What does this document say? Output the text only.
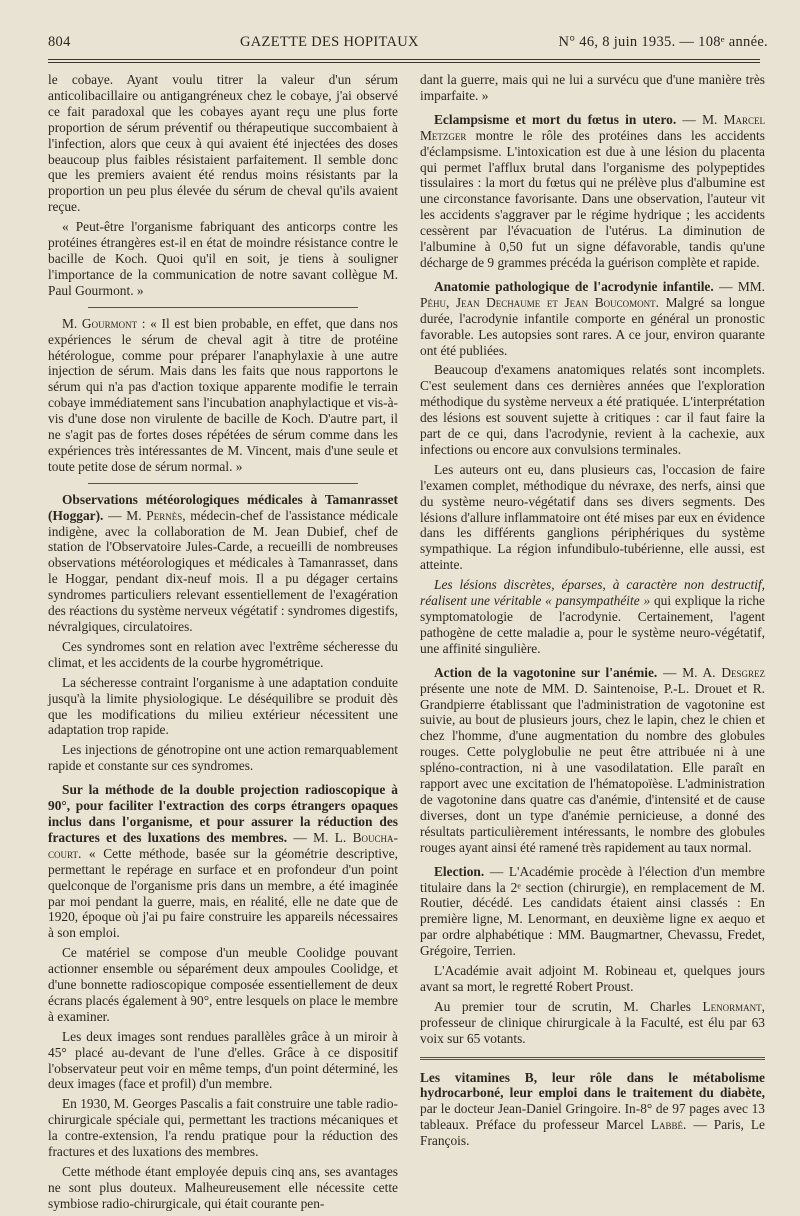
804	GAZETTE DES HOPITAUX	N° 46, 8 juin 1935. — 108ᵉ année.

le cobaye. Ayant voulu titrer la valeur d'un sérum anticolibacillaire ou antigangréneux chez le cobaye, j'ai observé ce fait paradoxal que les cobayes ayant reçu une plus forte proportion de sérum préventif ou thérapeutique succombaient à l'infection, alors que ceux à qui avaient été injectées des doses beaucoup plus faibles résistaient parfaitement. Il semble donc que les premiers avaient été rendus moins résistants par la proportion un peu plus élevée du sérum de cheval qu'ils avaient reçue.

« Peut-être l'organisme fabriquant des anticorps contre les protéines étrangères est-il en état de moindre résistance contre le bacille de Koch. Quoi qu'il en soit, je tiens à souligner l'importance de la communication de notre savant collègue M. Paul Gourmont. »

M. Gourmont : « Il est bien probable, en effet, que dans nos expériences le sérum de cheval agit à titre de protéine hétérologue, comme pour préparer l'anaphylaxie à une autre injection de sérum. Mais dans les faits que nous rapportons le sérum qui n'a pas d'action toxique apparente modifie le terrain cobaye immédiatement sans l'incubation anaphylactique et vis-à-vis d'une dose non virulente de bacille de Koch. D'autre part, il ne s'agit pas de fortes doses répétées de sérum comme dans les expériences très intéressantes de M. Vincent, mais d'une seule et toute petite dose de sérum normal. »

Observations météorologiques médicales à Tamanrasset (Hoggar). — M. Pernès, médecin-chef de l'assistance médicale indigène, avec la collaboration de M. Jean Dubief, chef de station de l'Observatoire Jules-Carde, a recueilli de nombreuses observations météorologiques et médicales à Tamanrasset, dans le Hoggar, pendant dix-neuf mois. Il a pu dégager certains syndromes particuliers relevant essentiellement de l'exagération des réactions du système nerveux végétatif : syndromes digestifs, névralgiques, circulatoires.

Ces syndromes sont en relation avec l'extrême sécheresse du climat, et les accidents de la courbe hygrométrique.

La sécheresse contraint l'organisme à une adaptation conduite jusqu'à la limite physiologique. Le déséquilibre se produit dès que les modifications du milieu extérieur nécessitent une adaptation trop rapide.

Les injections de génotropine ont une action remarquablement rapide et constante sur ces syndromes.

Sur la méthode de la double projection radioscopique à 90°, pour faciliter l'extraction des corps étrangers opaques inclus dans l'organisme, et pour assurer la réduction des fractures et des luxations des membres. — M. L. Boucha-court. « Cette méthode, basée sur la géométrie descriptive, permettant le repérage en surface et en profondeur d'un point quelconque de l'organisme pris dans un membre, a été imaginée par moi pendant la guerre, mais, en réalité, elle ne date que de 1920, époque où j'ai pu faire construire les appareils nécessaires à son emploi.

Ce matériel se compose d'un meuble Coolidge pouvant actionner ensemble ou séparément deux ampoules Coolidge, et d'une bonnette radioscopique composée essentiellement de deux écrans placés également à 90°, entre lesquels on place le membre à examiner.

Les deux images sont rendues parallèles grâce à un miroir à 45° placé au-devant de l'une d'elles. Grâce à ce dispositif l'observateur peut voir en même temps, d'un point déterminé, les deux images (face et profil) d'un membre.

En 1930, M. Georges Pascalis a fait construire une table radio-chirurgicale spéciale qui, permettant les tractions mécaniques et la contre-extension, l'a rendu pratique pour la réduction des fractures et des luxations des membres.

Cette méthode étant employée depuis cinq ans, ses avantages ne sont plus douteux. Malheureusement elle nécessite cette symbiose radio-chirurgicale, qui était courante pen-

dant la guerre, mais qui ne lui a survécu que d'une manière très imparfaite. »

Eclampsisme et mort du fœtus in utero. — M. Marcel Metzger montre le rôle des protéines dans les accidents d'éclampsisme. L'intoxication est due à une lésion du placenta qui permet l'afflux brutal dans l'organisme des polypeptides tissulaires : la mort du fœtus qui ne prélève plus d'albumine est une circonstance favorisante. Dans une observation, l'auteur vit les accidents s'aggraver par le régime hydrique ; les accidents cessèrent par l'évacuation de l'utérus. La diminution de l'albumine à 0,50 fut un signe défavorable, tandis qu'une décharge de 9 grammes précéda la guérison complète et rapide.

Anatomie pathologique de l'acrodynie infantile. — MM. Péhu, Jean Dechaume et Jean Boucomont. Malgré sa longue durée, l'acrodynie infantile comporte en général un pronostic favorable. Les autopsies sont rares. A ce jour, environ quarante ont été publiées.

Beaucoup d'examens anatomiques relatés sont incomplets. C'est seulement dans ces dernières années que l'exploration méthodique du système nerveux a été pratiquée. L'interprétation des lésions est souvent sujette à critiques : car il faut faire la part de ce qui, dans l'acrodynie, revient à la cachexie, aux infections ou encore aux convulsions terminales.

Les auteurs ont eu, dans plusieurs cas, l'occasion de faire l'examen complet, méthodique du névraxe, des nerfs, ainsi que du système neuro-végétatif dans ses divers segments. Des lésions d'allure inflammatoire ont été mises par eux en évidence dans les différents ganglions périphériques du système sympathique. La région infundibulo-tubérienne, elle aussi, est atteinte.

Les lésions discrètes, éparses, à caractère non destructif, réalisent une véritable « pansympathéite » qui explique la riche symptomatologie de l'acrodynie. Certainement, l'agent pathogène de cette maladie a, pour le système neuro-végétatif, une affinité singulière.

Action de la vagotonine sur l'anémie. — M. A. Desgrez présente une note de MM. D. Saintenoise, P.-L. Drouet et R. Grandpierre établissant que l'administration de vagotonine est suivie, au bout de plusieurs jours, chez le lapin, chez le chien et chez l'homme, d'une augmentation du nombre des globules rouges. Cette polyglobulie ne peut être attribuée ni à une spléno-contraction, ni à une vasodilatation. Elle paraît en rapport avec une excitation de l'hématopoïèse. L'administration de vagotonine dans quatre cas d'anémie, d'intensité et de cause diverses, dont un type d'anémie pernicieuse, a donné des résultats particulièrement intéressants, le nombre des globules rouges ayant ainsi été ramené très rapidement au taux normal.

Election. — L'Académie procède à l'élection d'un membre titulaire dans la 2ᵉ section (chirurgie), en remplacement de M. Routier, décédé. Les candidats étaient ainsi classés : En première ligne, M. Lenormant, en deuxième ligne ex aequo et par ordre alphabétique : MM. Baugmartner, Chevassu, Fredet, Grégoire, Terrien.

L'Académie avait adjoint M. Robineau et, quelques jours avant sa mort, le regretté Robert Proust.

Au premier tour de scrutin, M. Charles Lenormant, professeur de clinique chirurgicale à la Faculté, est élu par 63 voix sur 65 votants.

Les vitamines B, leur rôle dans le métabolisme hydrocarboné, leur emploi dans le traitement du diabète, par le docteur Jean-Daniel Gringoire. In-8° de 97 pages avec 13 tableaux. Préface du professeur Marcel Labbé. — Paris, Le François.
